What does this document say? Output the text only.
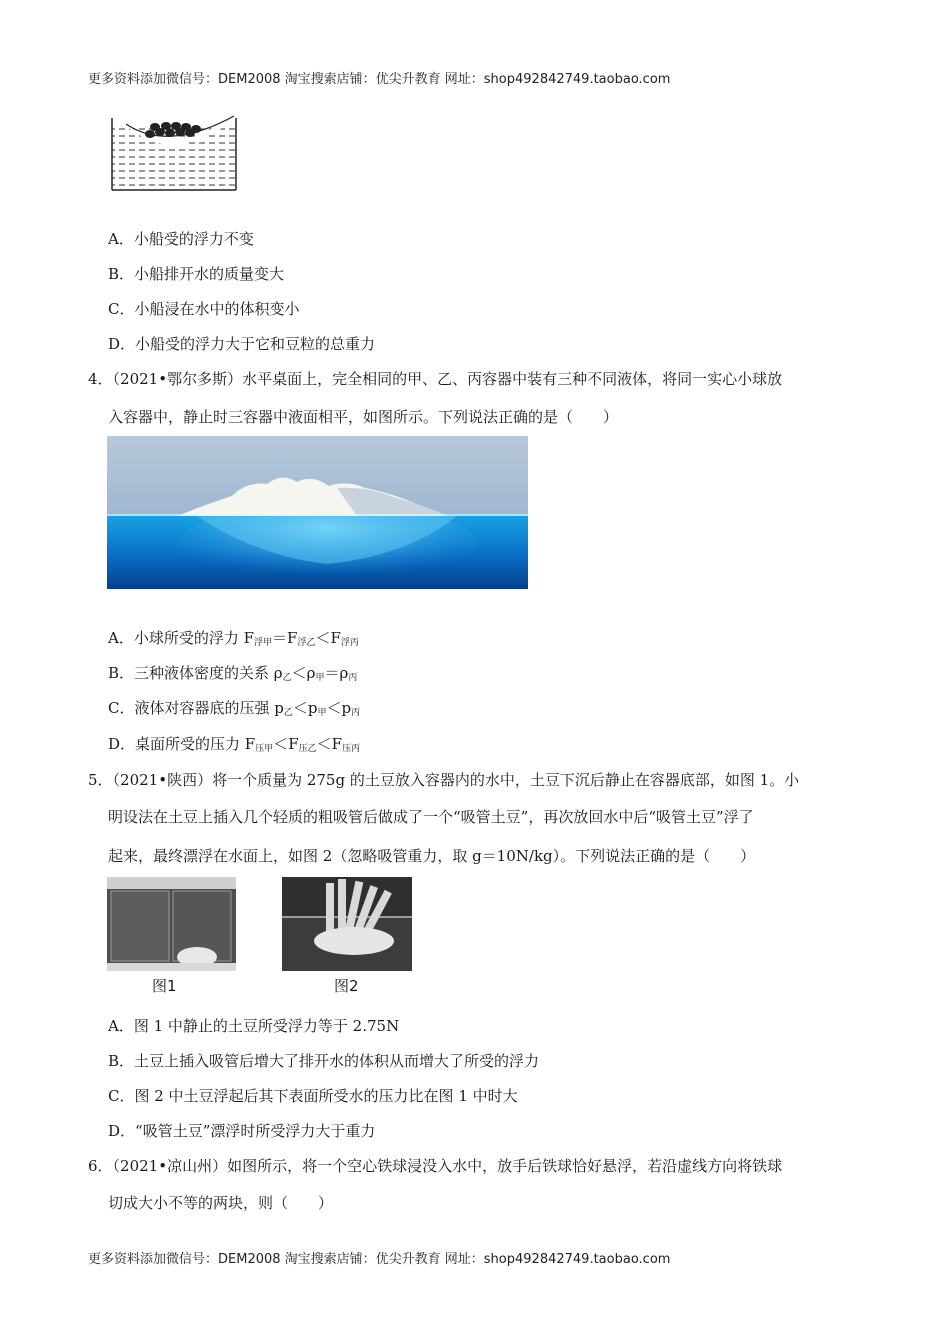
更多资料添加微信号：DEM2008 淘宝搜索店铺：优尖升教育 网址：shop492842749.taobao.com
A．小船受的浮力不变
B．小船排开水的质量变大
C．小船浸在水中的体积变小
D．小船受的浮力大于它和豆粒的总重力
4．（2021•鄂尔多斯）水平桌面上，完全相同的甲、乙、丙容器中装有三种不同液体，将同一实心小球放
入容器中，静止时三容器中液面相平，如图所示。下列说法正确的是（　　）
A．小球所受的浮力 $F_{浮甲}=F_{浮乙}<F_{浮丙}$
B．三种液体密度的关系 $\rho_乙<\rho_甲=\rho_丙$
C．液体对容器底的压强 $p_乙<p_甲<p_丙$
D．桌面所受的压力 $F_{压甲}<F_{压乙}<F_{压丙}$
5．（2021•陕西）将一个质量为 275g 的土豆放入容器内的水中，土豆下沉后静止在容器底部，如图 1。小
明设法在土豆上插入几个轻质的粗吸管后做成了一个“吸管土豆”，再次放回水中后“吸管土豆”浮了
起来，最终漂浮在水面上，如图 2（忽略吸管重力，取 g＝10N/kg）。下列说法正确的是（　　）
图1	图2
A．图 1 中静止的土豆所受浮力等于 2.75N
B．土豆上插入吸管后增大了排开水的体积从而增大了所受的浮力
C．图 2 中土豆浮起后其下表面所受水的压力比在图 1 中时大
D．“吸管土豆”漂浮时所受浮力大于重力
6．（2021•凉山州）如图所示，将一个空心铁球浸没入水中，放手后铁球恰好悬浮，若沿虚线方向将铁球
切成大小不等的两块，则（　　）
更多资料添加微信号：DEM2008 淘宝搜索店铺：优尖升教育 网址：shop492842749.taobao.com
